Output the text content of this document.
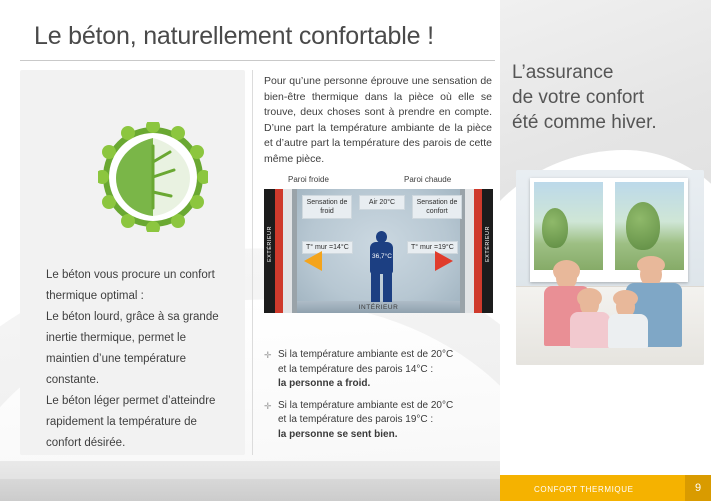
Le béton, naturellement confortable !

Le béton vous procure un confort thermique optimal :

Le béton lourd, grâce à sa grande inertie thermique, permet le maintien d’une température constante.

Le béton léger permet d’atteindre rapidement la température de confort désirée.

Pour qu’une personne éprouve une sensation de bien-être thermique dans la pièce où elle se trouve, deux choses sont à prendre en compte. D’une part la température ambiante de la pièce et d’autre part la température des parois de cette même pièce.
Paroi froide	Paroi chaude
EXTÉRIEUR	EXTÉRIEUR
Sensation de froid
Air 20°C	Sensation de confort
T° mur =14°C	T° mur =19°C
36,7°C
INTÉRIEUR
✛ Si la température ambiante est de 20°C
et la température des parois 14°C :
la personne a froid.
✛ Si la température ambiante est de 20°C
et la température des parois 19°C :
la personne se sent bien.
L’assurance
de votre confort
été comme hiver.
CONFORT THERMIQUE	9
